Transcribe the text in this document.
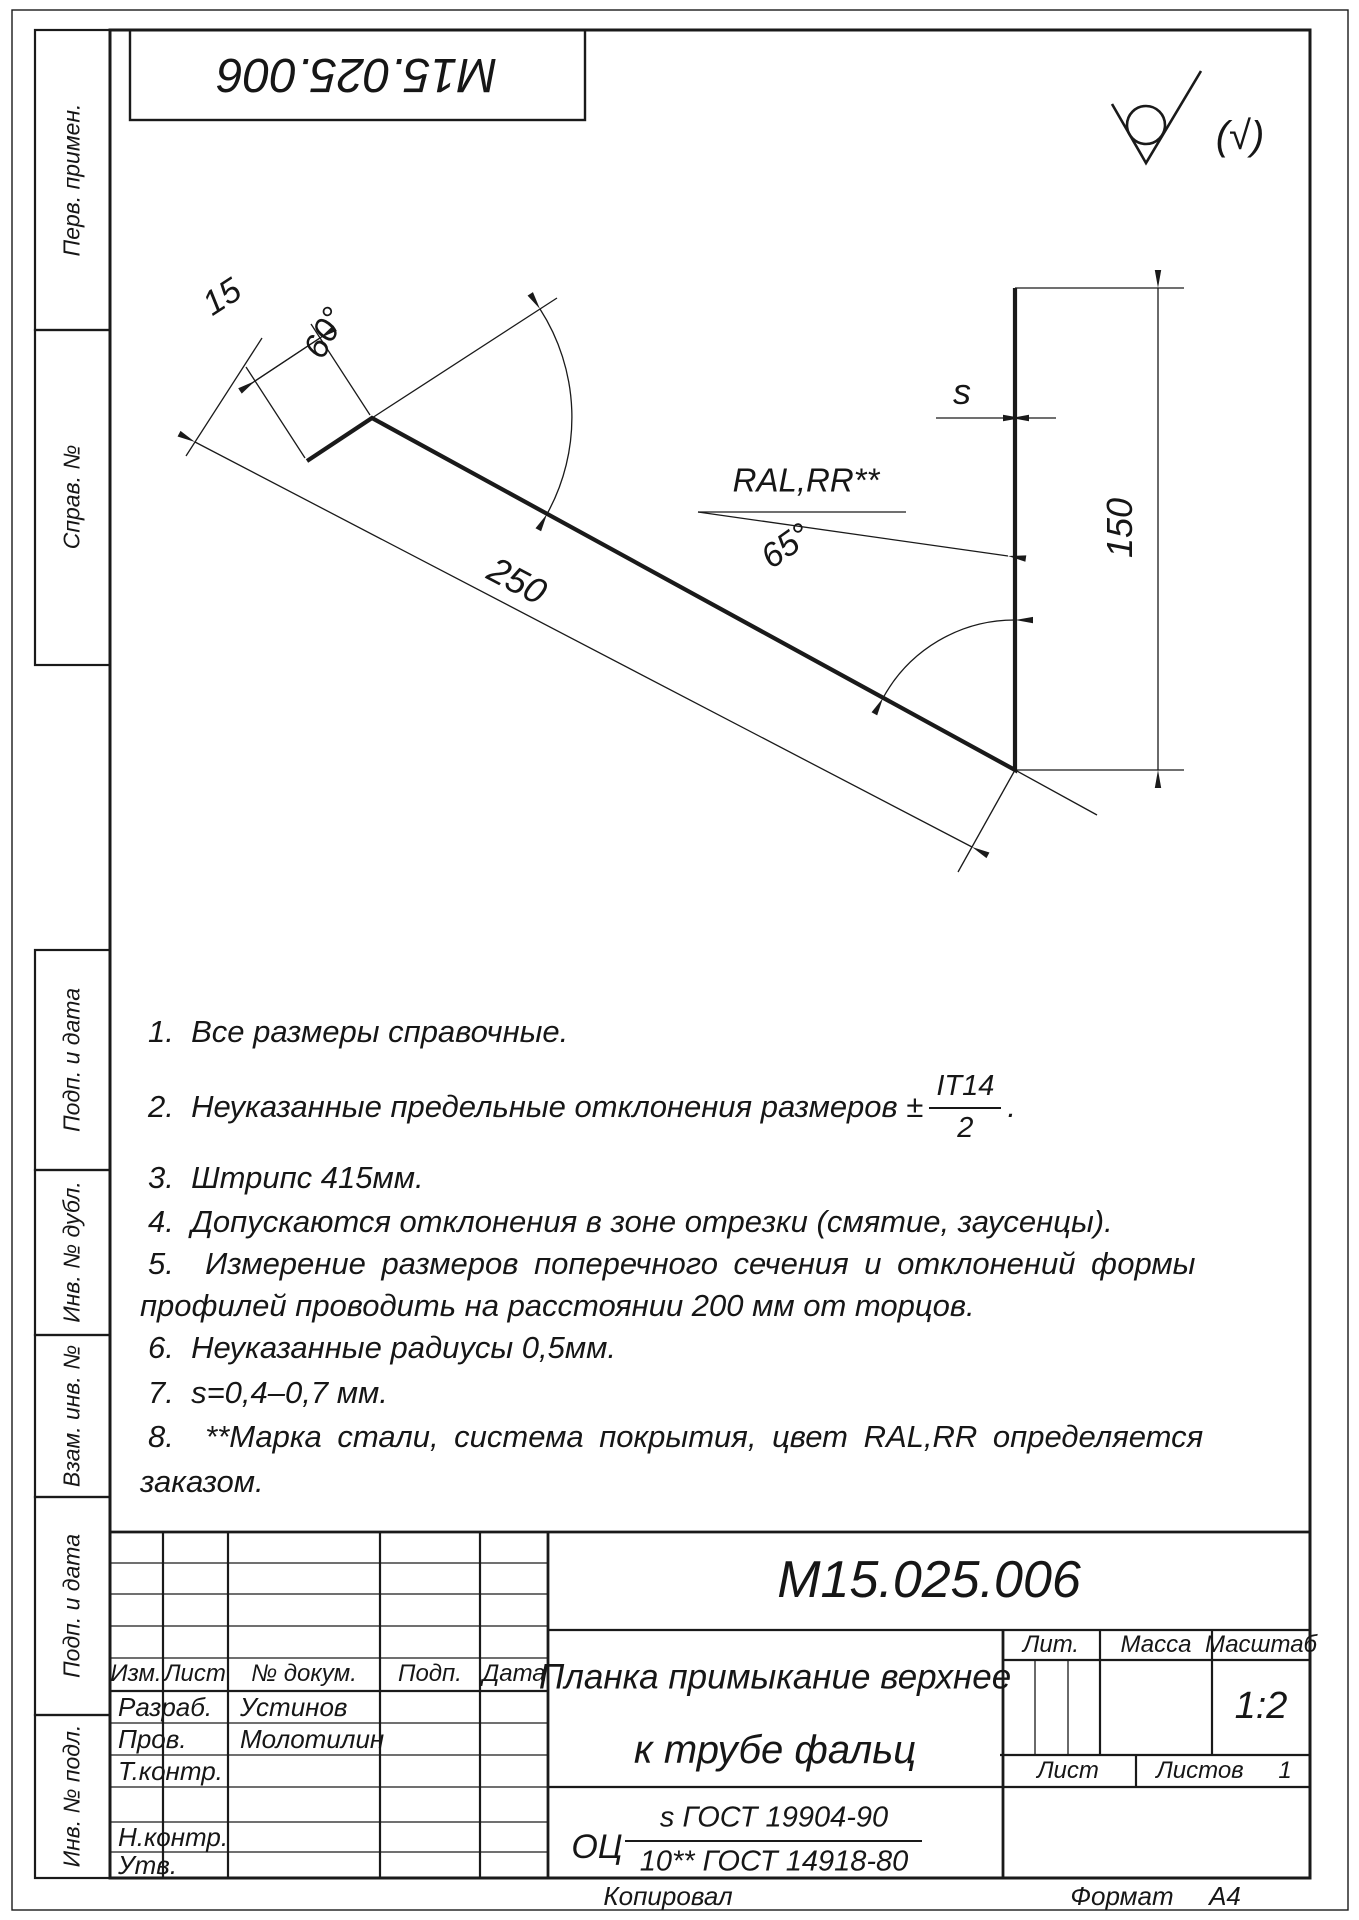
Перв. примен.
Справ. №
Подп. и дата
Инв. № дубл.
Взам. инв. №
Подп. и дата
Инв. № подл.
М15.025.006
(√)
15
60°
250
65°	150
s
RAL,RR**
1.  Все размеры справочные.
2.  Неуказанные предельные отклонения размеров ± $\frac{IT14}{2}$ .
3.  Штрипс 415мм.
4.  Допускаются отклонения в зоне отрезки (смятие, заусенцы).
5.  Измерение размеров поперечного сечения и отклонений формы
профилей проводить на расстоянии 200 мм от торцов.
6.  Неуказанные радиусы 0,5мм.
7.  s=0,4–0,7 мм.
8.  **Марка стали, система покрытия, цвет RAL,RR определяется
заказом.
Изм. Лист № докум. Подп. Дата
Разраб. Устинов
Пров. Молотилин
Т.контр.
Н.контр.
Утв.
М15.025.006
Планка примыкание верхнее
к трубе фальц
ОЦ
s ГОСТ 19904-90
10** ГОСТ 14918-80
Лит. Масса Масштаб
1:2
Лист Листов 1
Копировал	Формат А4
